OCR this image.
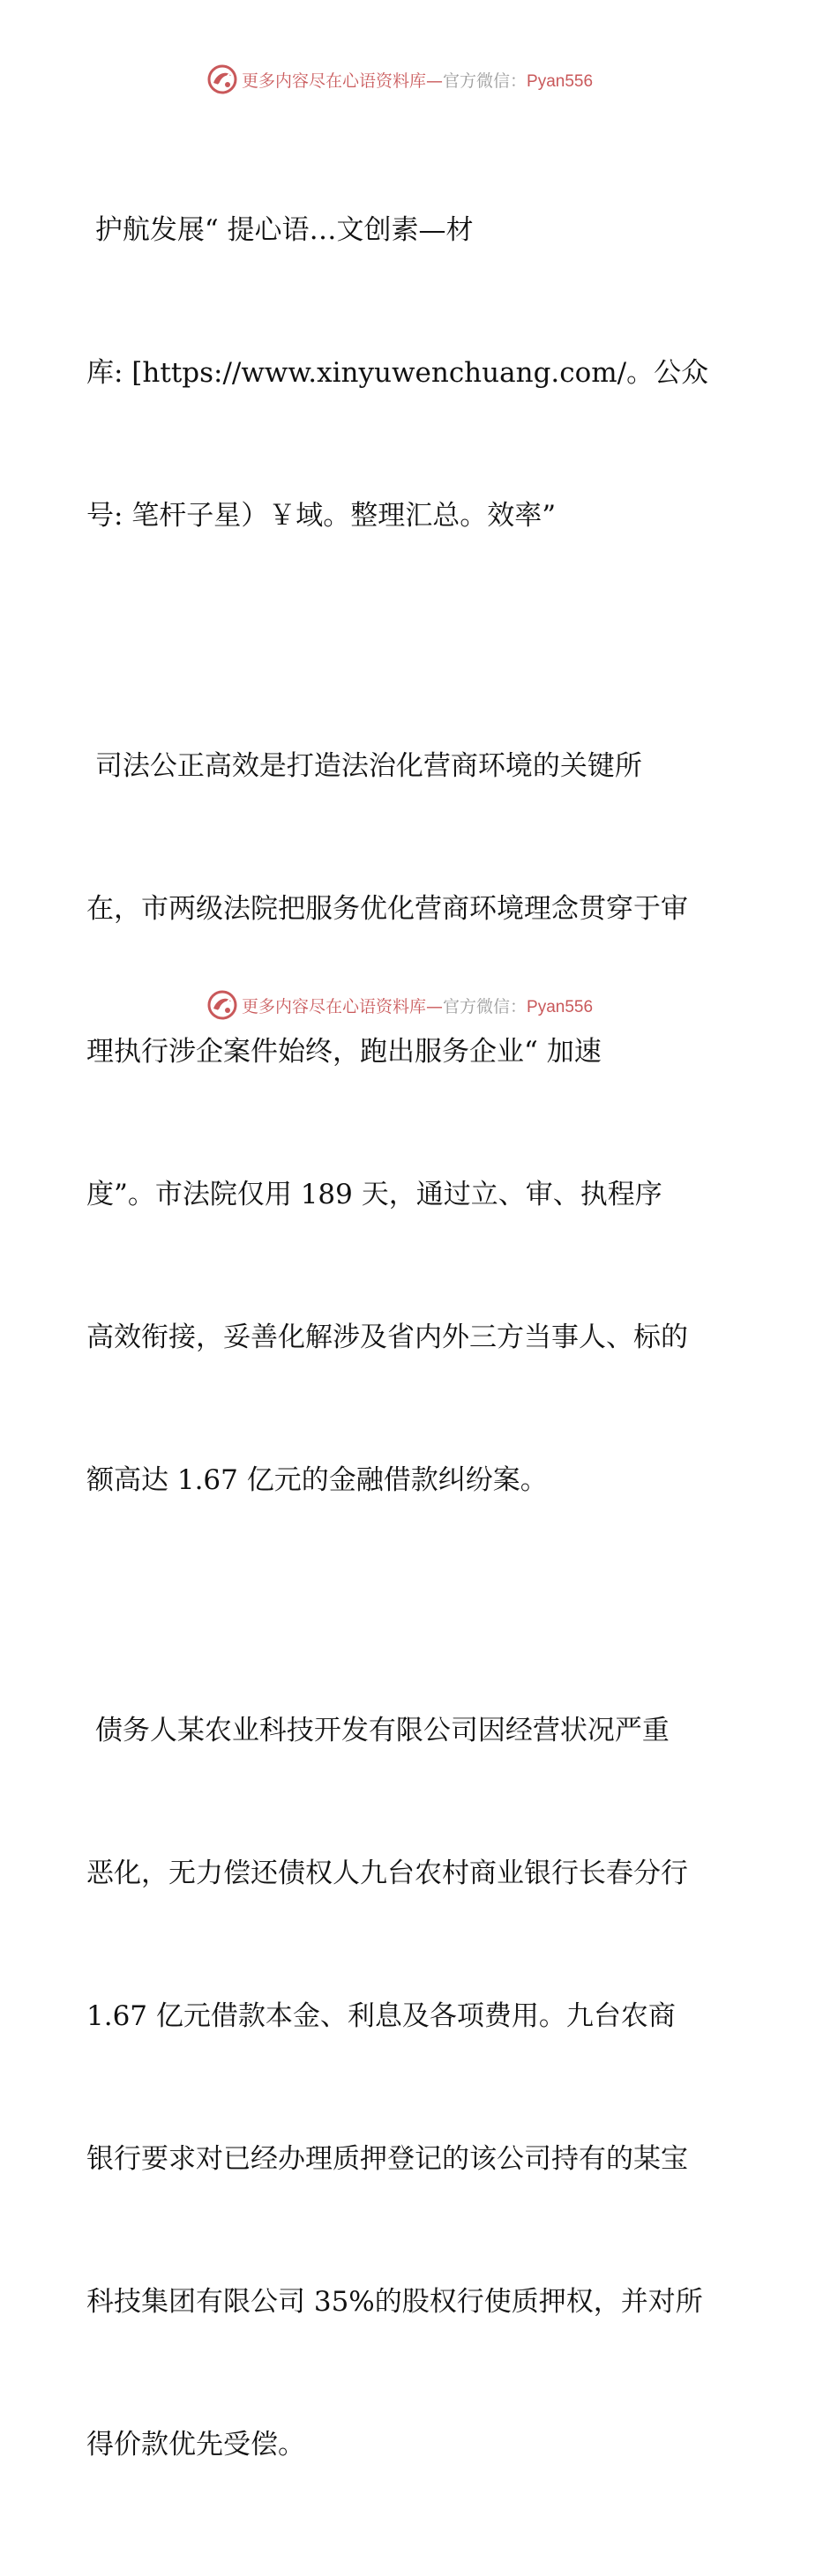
更多内容尽在心语资料库—官方微信：Pyan556

护航发展“ 提心语…文创素—材

库: [https://www.xinyuwenchuang.com/。公众

号: 笔杆子星）￥域。整理汇总。效率”

司法公正高效是打造法治化营商环境的关键所

在，市两级法院把服务优化营商环境理念贯穿于审

理执行涉企案件始终，跑出服务企业“ 加速

度”。市法院仅用 189 天，通过立、审、执程序

高效衔接，妥善化解涉及省内外三方当事人、标的

额高达 1.67 亿元的金融借款纠纷案。

债务人某农业科技开发有限公司因经营状况严重

恶化，无力偿还债权人九台农村商业银行长春分行

1.67 亿元借款本金、利息及各项费用。九台农商

银行要求对已经办理质押登记的该公司持有的某宝

科技集团有限公司 35%的股权行使质押权，并对所

得价款优先受偿。

更多内容尽在心语资料库—官方微信：Pyan556
